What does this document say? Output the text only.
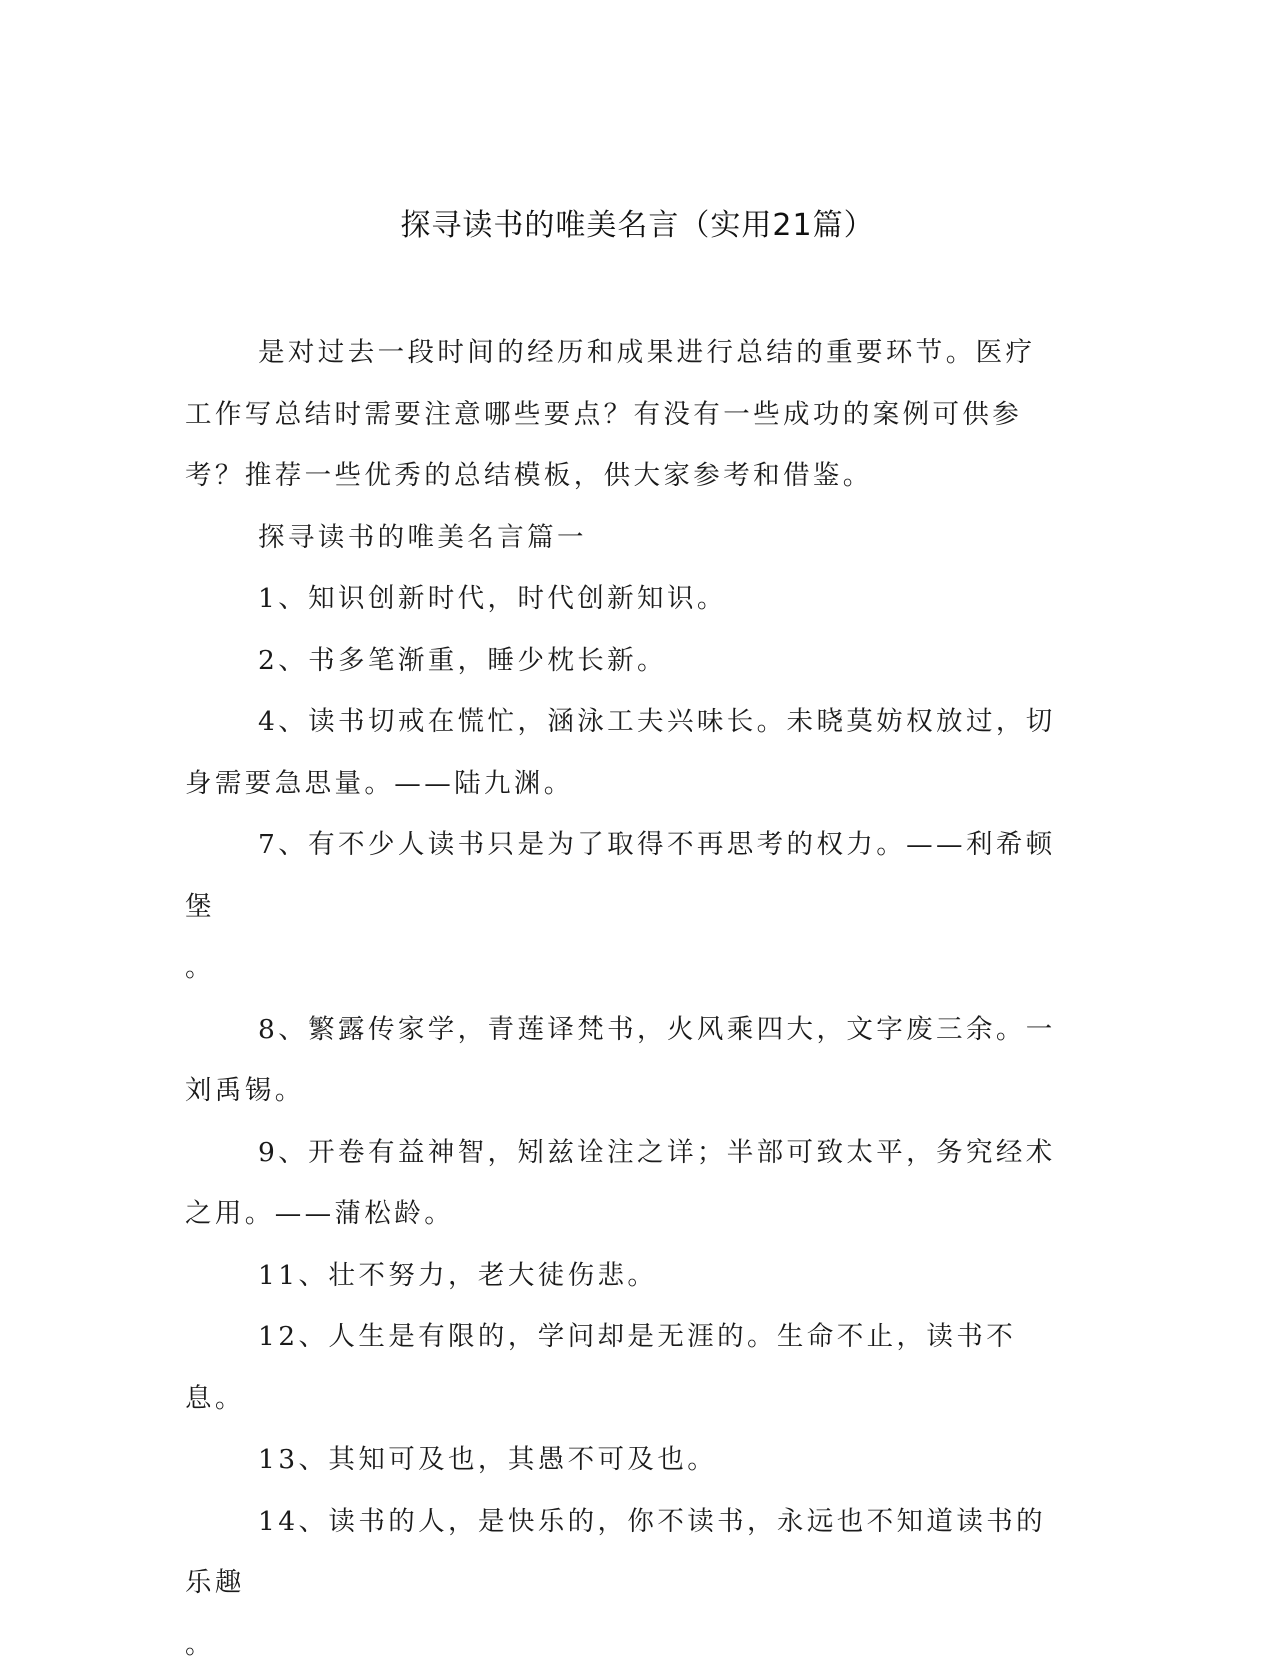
探寻读书的唯美名言（实用21篇）

是对过去一段时间的经历和成果进行总结的重要环节。医疗工作写总结时需要注意哪些要点？有没有一些成功的案例可供参考？推荐一些优秀的总结模板，供大家参考和借鉴。

探寻读书的唯美名言篇一

1、知识创新时代，时代创新知识。

2、书多笔渐重，睡少枕长新。

4、读书切戒在慌忙，涵泳工夫兴味长。未晓莫妨权放过，切身需要急思量。——陆九渊。

7、有不少人读书只是为了取得不再思考的权力。——利希顿堡

。

8、繁露传家学，青莲译梵书，火风乘四大，文字废三余。一刘禹锡。

9、开卷有益神智，矧兹诠注之详；半部可致太平，务究经术之用。——蒲松龄。

11、壮不努力，老大徒伤悲。

12、人生是有限的，学问却是无涯的。生命不止，读书不息。

13、其知可及也，其愚不可及也。

14、读书的人，是快乐的，你不读书，永远也不知道读书的乐趣

。
